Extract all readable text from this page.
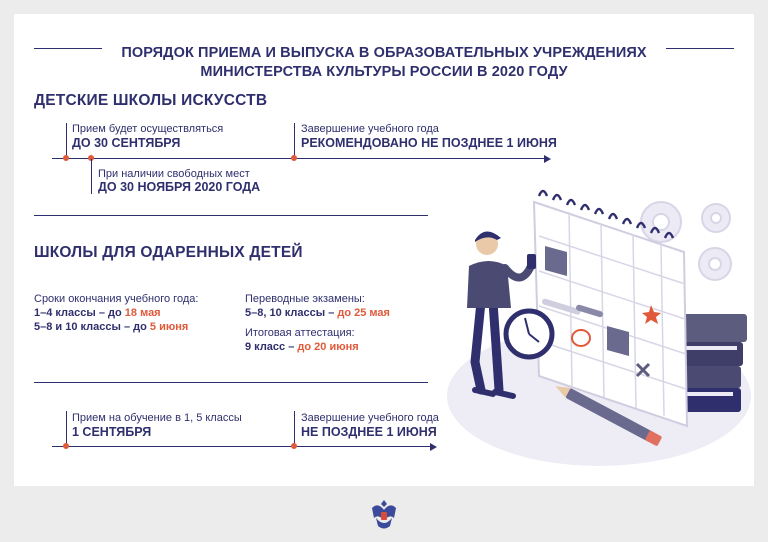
ПОРЯДОК ПРИЕМА И ВЫПУСКА В ОБРАЗОВАТЕЛЬНЫХ УЧРЕЖДЕНИЯХ
МИНИСТЕРСТВА КУЛЬТУРЫ РОССИИ В 2020 ГОДУ
ДЕТСКИЕ ШКОЛЫ ИСКУССТВ
Прием будет осуществляться
ДО 30 СЕНТЯБРЯ
Завершение учебного года
РЕКОМЕНДОВАНО НЕ ПОЗДНЕЕ 1 ИЮНЯ
При наличии свободных мест
ДО 30 НОЯБРЯ 2020 ГОДА
ШКОЛЫ ДЛЯ ОДАРЕННЫХ ДЕТЕЙ
Сроки окончания учебного года:
1–4 классы – до 18 мая
5–8 и 10 классы – до 5 июня
Переводные экзамены:
5–8, 10 классы – до 25 мая
Итоговая аттестация:
9 класс – до 20 июня
Прием на обучение в 1, 5 классы
1 СЕНТЯБРЯ
Завершение учебного года
НЕ ПОЗДНЕЕ 1 ИЮНЯ
